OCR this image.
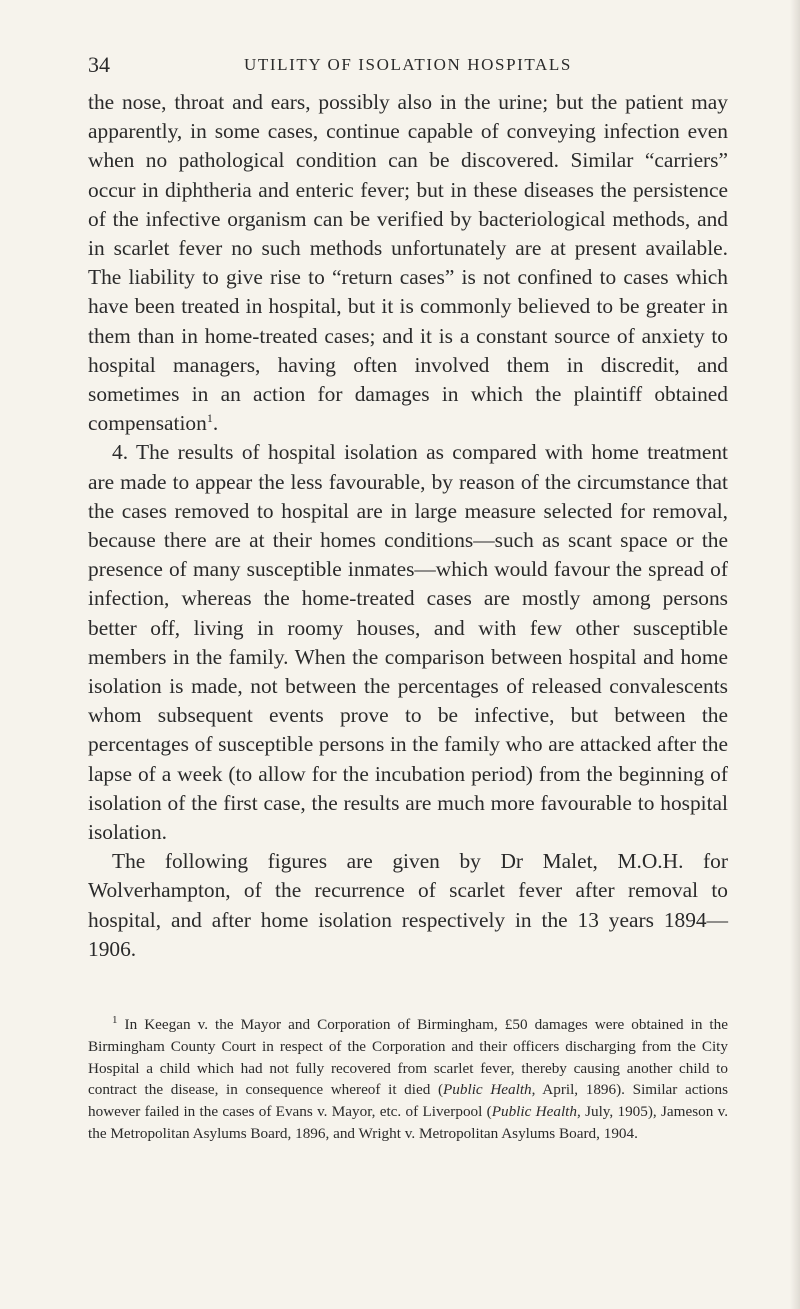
34	UTILITY OF ISOLATION HOSPITALS

the nose, throat and ears, possibly also in the urine; but the patient may apparently, in some cases, continue capable of conveying infection even when no pathological condition can be discovered. Similar “carriers” occur in diphtheria and enteric fever; but in these diseases the persistence of the infective organism can be verified by bacteriological methods, and in scarlet fever no such methods unfortunately are at present available. The liability to give rise to “return cases” is not confined to cases which have been treated in hospital, but it is commonly believed to be greater in them than in home-treated cases; and it is a constant source of anxiety to hospital managers, having often involved them in discredit, and sometimes in an action for damages in which the plaintiff obtained compensation$^1$.

4. The results of hospital isolation as compared with home treatment are made to appear the less favourable, by reason of the circumstance that the cases removed to hospital are in large measure selected for removal, because there are at their homes conditions—such as scant space or the presence of many susceptible inmates—which would favour the spread of infection, whereas the home-treated cases are mostly among persons better off, living in roomy houses, and with few other susceptible members in the family. When the comparison between hospital and home isolation is made, not between the percentages of released convalescents whom subsequent events prove to be infective, but between the percentages of susceptible persons in the family who are attacked after the lapse of a week (to allow for the incubation period) from the beginning of isolation of the first case, the results are much more favourable to hospital isolation.

The following figures are given by Dr Malet, M.O.H. for Wolverhampton, of the recurrence of scarlet fever after removal to hospital, and after home isolation respectively in the 13 years 1894—1906.

$^1$ In Keegan v. the Mayor and Corporation of Birmingham, £50 damages were obtained in the Birmingham County Court in respect of the Corporation and their officers discharging from the City Hospital a child which had not fully recovered from scarlet fever, thereby causing another child to contract the disease, in consequence whereof it died (Public Health, April, 1896). Similar actions however failed in the cases of Evans v. Mayor, etc. of Liverpool (Public Health, July, 1905), Jameson v. the Metropolitan Asylums Board, 1896, and Wright v. Metropolitan Asylums Board, 1904.
